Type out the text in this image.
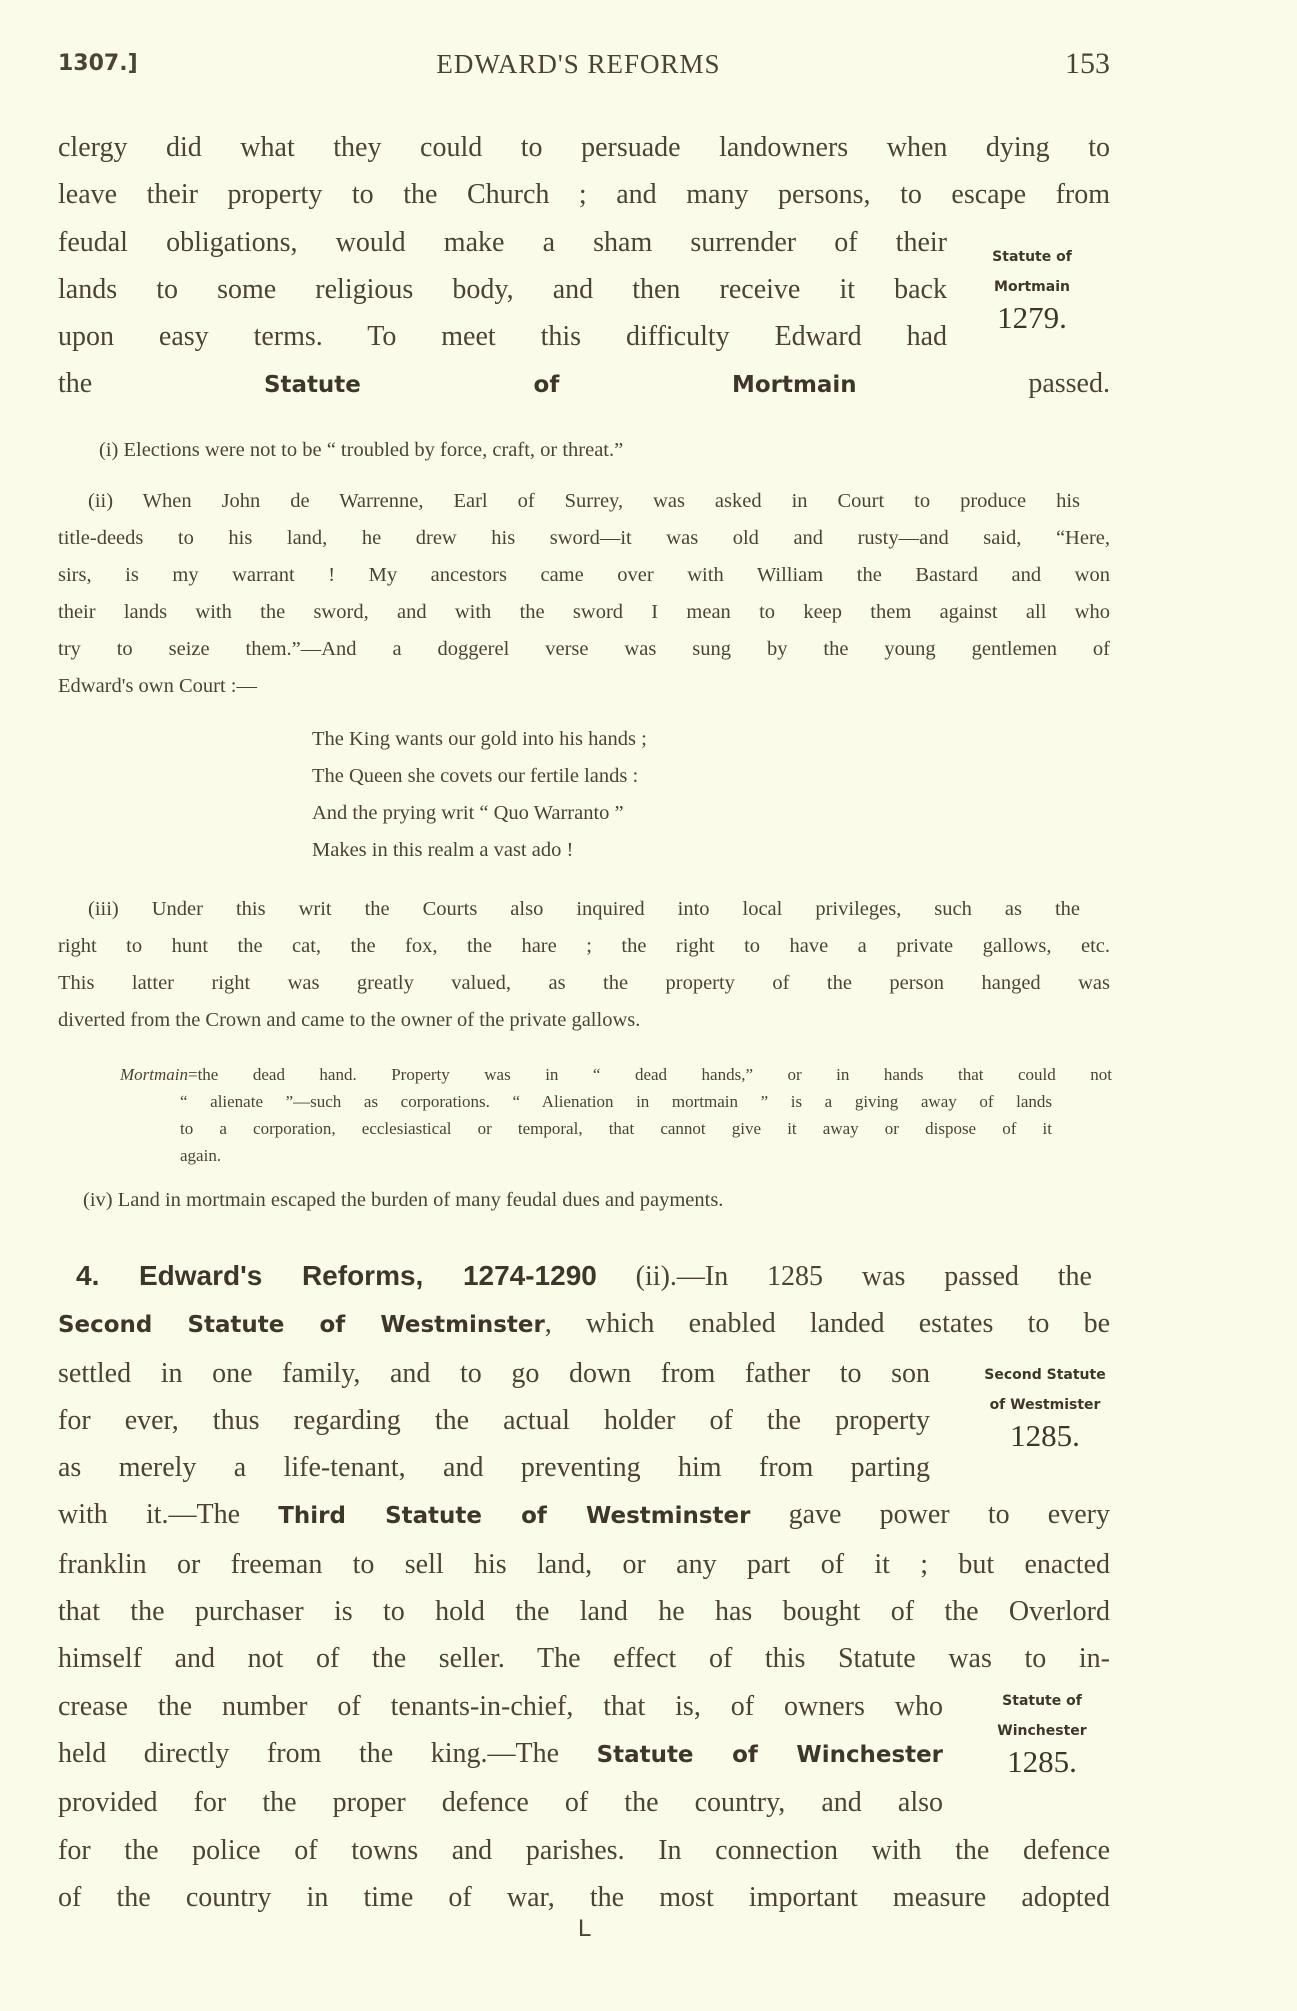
1307.]	EDWARD'S REFORMS	153
clergy did what they could to persuade landowners when dying to
leave their property to the Church ; and many persons, to escape from
feudal obligations, would make a sham surrender of their
lands to some religious body, and then receive it back
upon easy terms. To meet this difficulty Edward had
the Statute of Mortmain passed.
(i) Elections were not to be “ troubled by force, craft, or threat.”
(ii) When John de Warrenne, Earl of Surrey, was asked in Court to produce his
title-deeds to his land, he drew his sword—it was old and rusty—and said, “Here,
sirs, is my warrant ! My ancestors came over with William the Bastard and won
their lands with the sword, and with the sword I mean to keep them against all who
try to seize them.”—And a doggerel verse was sung by the young gentlemen of
Edward's own Court :—
The King wants our gold into his hands ;
The Queen she covets our fertile lands :
And the prying writ “ Quo Warranto ”
Makes in this realm a vast ado !
(iii) Under this writ the Courts also inquired into local privileges, such as the
right to hunt the cat, the fox, the hare ; the right to have a private gallows, etc.
This latter right was greatly valued, as the property of the person hanged was
diverted from the Crown and came to the owner of the private gallows.
Mortmain=the dead hand. Property was in “ dead hands,” or in hands that could not
“ alienate ”—such as corporations. “ Alienation in mortmain ” is a giving away of lands
to a corporation, ecclesiastical or temporal, that cannot give it away or dispose of it
again.
(iv) Land in mortmain escaped the burden of many feudal dues and payments.
4. Edward's Reforms, 1274-1290 (ii).—In 1285 was passed the
Second Statute of Westminster, which enabled landed estates to be
settled in one family, and to go down from father to son
for ever, thus regarding the actual holder of the property
as merely a life-tenant, and preventing him from parting
with it.—The Third Statute of Westminster gave power to every
franklin or freeman to sell his land, or any part of it ; but enacted
that the purchaser is to hold the land he has bought of the Overlord
himself and not of the seller. The effect of this Statute was to in-
crease the number of tenants-in-chief, that is, of owners who
held directly from the king.—The Statute of Winchester
provided for the proper defence of the country, and also
for the police of towns and parishes. In connection with the defence
of the country in time of war, the most important measure adopted
Statute of
Mortmain
1279.
Second Statute
of Westmister
1285.
Statute of
Winchester
1285.
L
